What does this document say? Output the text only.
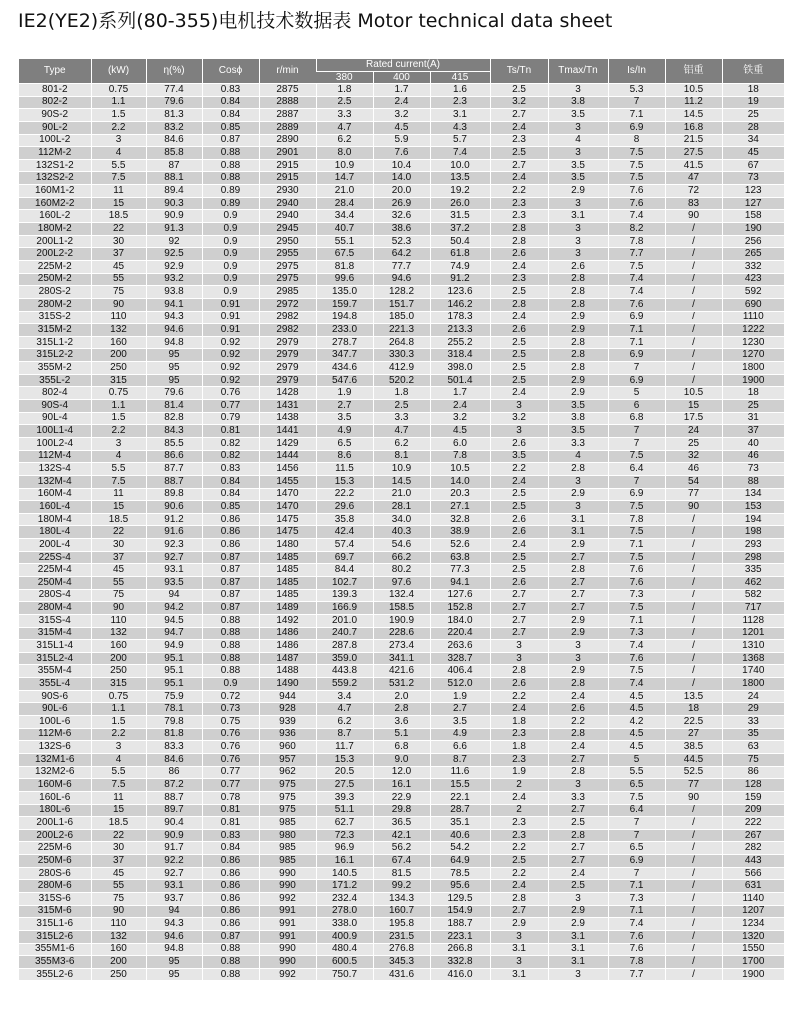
IE2(YE2)系列(80-355)电机技术数据表 Motor technical data sheet
Type	(kW)	η(%)	Cosϕ	r/min	Rated current(A)			Ts/Tn	Tmax/Tn	Is/In	铝重	铁重
					380	400	415					
801-2	0.75	77.4	0.83	2875	1.8	1.7	1.6	2.5	3	5.3	10.5	18
802-2	1.1	79.6	0.84	2888	2.5	2.4	2.3	3.2	3.8	7	11.2	19
90S-2	1.5	81.3	0.84	2887	3.3	3.2	3.1	2.7	3.5	7.1	14.5	25
90L-2	2.2	83.2	0.85	2889	4.7	4.5	4.3	2.4	3	6.9	16.8	28
100L-2	3	84.6	0.87	2890	6.2	5.9	5.7	2.3	4	8	21.5	34
112M-2	4	85.8	0.88	2901	8.0	7.6	7.4	2.5	3	7.5	27.5	45
132S1-2	5.5	87	0.88	2915	10.9	10.4	10.0	2.7	3.5	7.5	41.5	67
132S2-2	7.5	88.1	0.88	2915	14.7	14.0	13.5	2.4	3.5	7.5	47	73
160M1-2	11	89.4	0.89	2930	21.0	20.0	19.2	2.2	2.9	7.6	72	123
160M2-2	15	90.3	0.89	2940	28.4	26.9	26.0	2.3	3	7.6	83	127
160L-2	18.5	90.9	0.9	2940	34.4	32.6	31.5	2.3	3.1	7.4	90	158
180M-2	22	91.3	0.9	2945	40.7	38.6	37.2	2.8	3	8.2	/	190
200L1-2	30	92	0.9	2950	55.1	52.3	50.4	2.8	3	7.8	/	256
200L2-2	37	92.5	0.9	2955	67.5	64.2	61.8	2.6	3	7.7	/	265
225M-2	45	92.9	0.9	2975	81.8	77.7	74.9	2.4	2.6	7.5	/	332
250M-2	55	93.2	0.9	2975	99.6	94.6	91.2	2.3	2.8	7.4	/	423
280S-2	75	93.8	0.9	2985	135.0	128.2	123.6	2.5	2.8	7.4	/	592
280M-2	90	94.1	0.91	2972	159.7	151.7	146.2	2.8	2.8	7.6	/	690
315S-2	110	94.3	0.91	2982	194.8	185.0	178.3	2.4	2.9	6.9	/	1110
315M-2	132	94.6	0.91	2982	233.0	221.3	213.3	2.6	2.9	7.1	/	1222
315L1-2	160	94.8	0.92	2979	278.7	264.8	255.2	2.5	2.8	7.1	/	1230
315L2-2	200	95	0.92	2979	347.7	330.3	318.4	2.5	2.8	6.9	/	1270
355M-2	250	95	0.92	2979	434.6	412.9	398.0	2.5	2.8	7	/	1800
355L-2	315	95	0.92	2979	547.6	520.2	501.4	2.5	2.9	6.9	/	1900
802-4	0.75	79.6	0.76	1428	1.9	1.8	1.7	2.4	2.9	5	10.5	18
90S-4	1.1	81.4	0.77	1431	2.7	2.5	2.4	3	3.5	6	15	25
90L-4	1.5	82.8	0.79	1438	3.5	3.3	3.2	3.2	3.8	6.8	17.5	31
100L1-4	2.2	84.3	0.81	1441	4.9	4.7	4.5	3	3.5	7	24	37
100L2-4	3	85.5	0.82	1429	6.5	6.2	6.0	2.6	3.3	7	25	40
112M-4	4	86.6	0.82	1444	8.6	8.1	7.8	3.5	4	7.5	32	46
132S-4	5.5	87.7	0.83	1456	11.5	10.9	10.5	2.2	2.8	6.4	46	73
132M-4	7.5	88.7	0.84	1455	15.3	14.5	14.0	2.4	3	7	54	88
160M-4	11	89.8	0.84	1470	22.2	21.0	20.3	2.5	2.9	6.9	77	134
160L-4	15	90.6	0.85	1470	29.6	28.1	27.1	2.5	3	7.5	90	153
180M-4	18.5	91.2	0.86	1475	35.8	34.0	32.8	2.6	3.1	7.8	/	194
180L-4	22	91.6	0.86	1475	42.4	40.3	38.9	2.6	3.1	7.5	/	198
200L-4	30	92.3	0.86	1480	57.4	54.6	52.6	2.4	2.9	7.1	/	293
225S-4	37	92.7	0.87	1485	69.7	66.2	63.8	2.5	2.7	7.5	/	298
225M-4	45	93.1	0.87	1485	84.4	80.2	77.3	2.5	2.8	7.6	/	335
250M-4	55	93.5	0.87	1485	102.7	97.6	94.1	2.6	2.7	7.6	/	462
280S-4	75	94	0.87	1485	139.3	132.4	127.6	2.7	2.7	7.3	/	582
280M-4	90	94.2	0.87	1489	166.9	158.5	152.8	2.7	2.7	7.5	/	717
315S-4	110	94.5	0.88	1492	201.0	190.9	184.0	2.7	2.9	7.1	/	1128
315M-4	132	94.7	0.88	1486	240.7	228.6	220.4	2.7	2.9	7.3	/	1201
315L1-4	160	94.9	0.88	1486	287.8	273.4	263.6	3	3	7.4	/	1310
315L2-4	200	95.1	0.88	1487	359.0	341.1	328.7	3	3	7.6	/	1368
355M-4	250	95.1	0.88	1488	443.8	421.6	406.4	2.8	2.9	7.5	/	1740
355L-4	315	95.1	0.9	1490	559.2	531.2	512.0	2.6	2.8	7.4	/	1800
90S-6	0.75	75.9	0.72	944	3.4	2.0	1.9	2.2	2.4	4.5	13.5	24
90L-6	1.1	78.1	0.73	928	4.7	2.8	2.7	2.4	2.6	4.5	18	29
100L-6	1.5	79.8	0.75	939	6.2	3.6	3.5	1.8	2.2	4.2	22.5	33
112M-6	2.2	81.8	0.76	936	8.7	5.1	4.9	2.3	2.8	4.5	27	35
132S-6	3	83.3	0.76	960	11.7	6.8	6.6	1.8	2.4	4.5	38.5	63
132M1-6	4	84.6	0.76	957	15.3	9.0	8.7	2.3	2.7	5	44.5	75
132M2-6	5.5	86	0.77	962	20.5	12.0	11.6	1.9	2.8	5.5	52.5	86
160M-6	7.5	87.2	0.77	975	27.5	16.1	15.5	2	3	6.5	77	128
160L-6	11	88.7	0.78	975	39.3	22.9	22.1	2.4	3.3	7.5	90	159
180L-6	15	89.7	0.81	975	51.1	29.8	28.7	2	2.7	6.4	/	209
200L1-6	18.5	90.4	0.81	985	62.7	36.5	35.1	2.3	2.5	7	/	222
200L2-6	22	90.9	0.83	980	72.3	42.1	40.6	2.3	2.8	7	/	267
225M-6	30	91.7	0.84	985	96.9	56.2	54.2	2.2	2.7	6.5	/	282
250M-6	37	92.2	0.86	985	16.1	67.4	64.9	2.5	2.7	6.9	/	443
280S-6	45	92.7	0.86	990	140.5	81.5	78.5	2.2	2.4	7	/	566
280M-6	55	93.1	0.86	990	171.2	99.2	95.6	2.4	2.5	7.1	/	631
315S-6	75	93.7	0.86	992	232.4	134.3	129.5	2.8	3	7.3	/	1140
315M-6	90	94	0.86	991	278.0	160.7	154.9	2.7	2.9	7.1	/	1207
315L1-6	110	94.3	0.86	991	338.0	195.8	188.7	2.9	2.9	7.4	/	1234
315L2-6	132	94.6	0.87	991	400.9	231.5	223.1	3	3.1	7.6	/	1320
355M1-6	160	94.8	0.88	990	480.4	276.8	266.8	3.1	3.1	7.6	/	1550
355M3-6	200	95	0.88	990	600.5	345.3	332.8	3	3.1	7.8	/	1700
355L2-6	250	95	0.88	992	750.7	431.6	416.0	3.1	3	7.7	/	1900
